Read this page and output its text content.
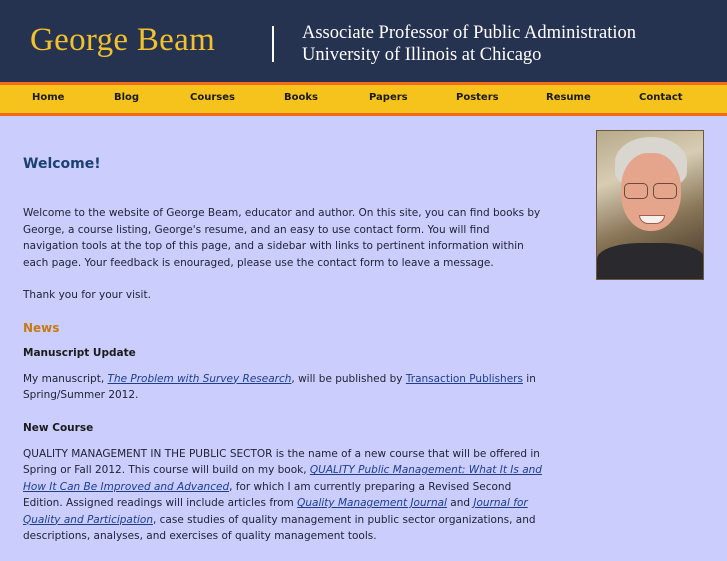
George Beam	Associate Professor of Public Administration
University of Illinois at Chicago
Home	Blog	Courses	Books	Papers	Posters	Resume	Contact
Welcome!

Welcome to the website of George Beam, educator and author. On this site, you can find books by George, a course listing, George's resume, and an easy to use contact form. You will find navigation tools at the top of this page, and a sidebar with links to pertinent information within each page. Your feedback is enouraged, please use the contact form to leave a message.

Thank you for your visit.

News
Manuscript Update

My manuscript, The Problem with Survey Research, will be published by Transaction Publishers in Spring/Summer 2012.

New Course

QUALITY MANAGEMENT IN THE PUBLIC SECTOR is the name of a new course that will be offered in Spring or Fall 2012. This course will build on my book, QUALITY Public Management: What It Is and How It Can Be Improved and Advanced, for which I am currently preparing a Revised Second Edition. Assigned readings will include articles from Quality Management Journal and Journal for Quality and Participation, case studies of quality management in public sector organizations, and descriptions, analyses, and exercises of quality management tools.
